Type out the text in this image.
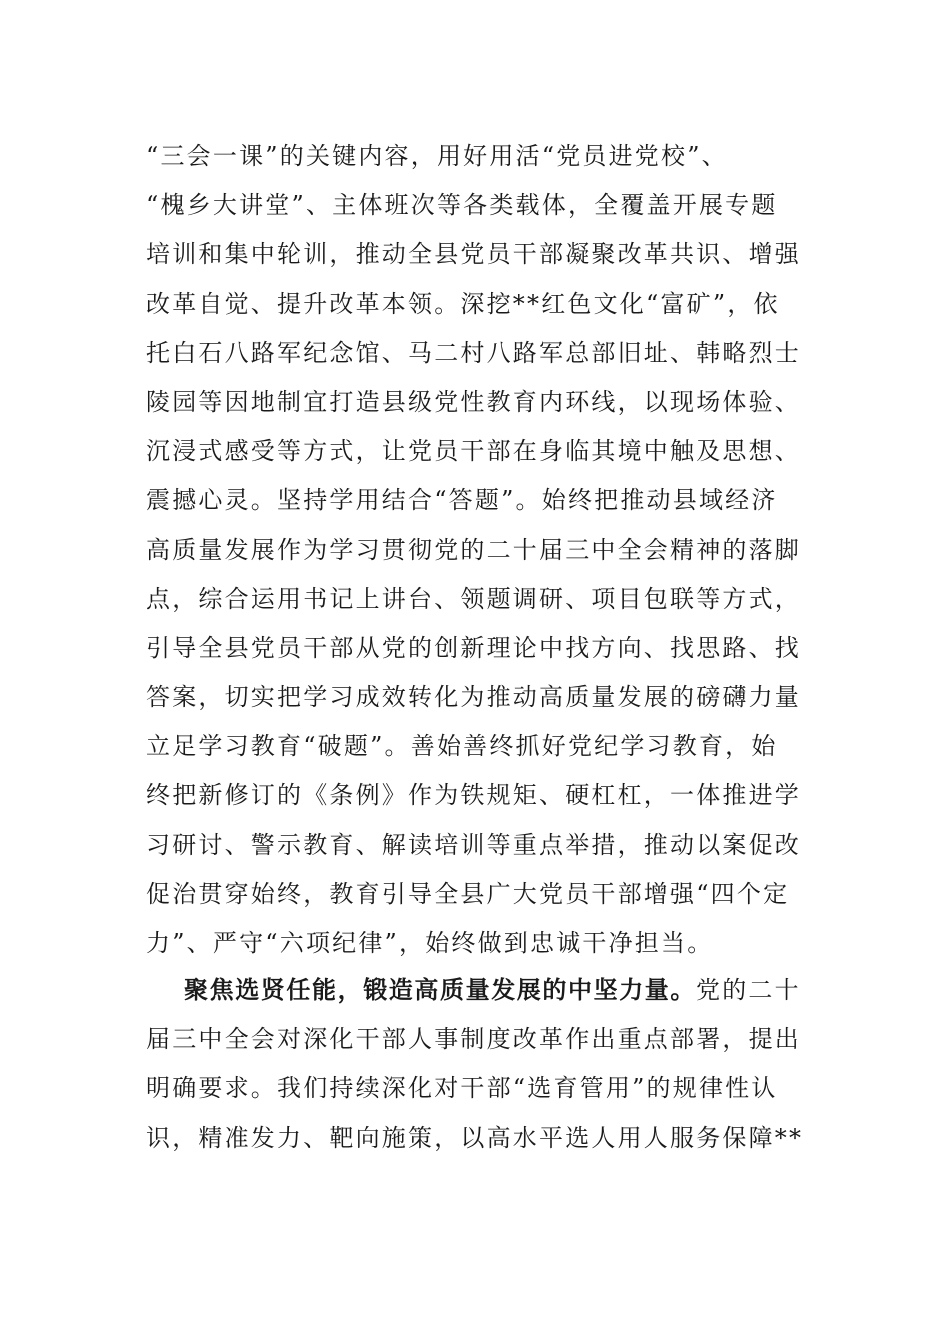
“三会一课”的关键内容，用好用活“党员进党校”、
“槐乡大讲堂”、主体班次等各类载体，全覆盖开展专题
培训和集中轮训，推动全县党员干部凝聚改革共识、增强
改革自觉、提升改革本领。深挖**红色文化“富矿”，依
托白石八路军纪念馆、马二村八路军总部旧址、韩略烈士
陵园等因地制宜打造县级党性教育内环线，以现场体验、
沉浸式感受等方式，让党员干部在身临其境中触及思想、
震撼心灵。坚持学用结合“答题”。始终把推动县域经济
高质量发展作为学习贯彻党的二十届三中全会精神的落脚
点，综合运用书记上讲台、领题调研、项目包联等方式，
引导全县党员干部从党的创新理论中找方向、找思路、找
答案，切实把学习成效转化为推动高质量发展的磅礴力量
立足学习教育“破题”。善始善终抓好党纪学习教育，始
终把新修订的《条例》作为铁规矩、硬杠杠，一体推进学
习研讨、警示教育、解读培训等重点举措，推动以案促改
促治贯穿始终，教育引导全县广大党员干部增强“四个定
力”、严守“六项纪律”，始终做到忠诚干净担当。
聚焦选贤任能，锻造高质量发展的中坚力量。党的二十
届三中全会对深化干部人事制度改革作出重点部署，提出
明确要求。我们持续深化对干部“选育管用”的规律性认
识，精准发力、靶向施策，以高水平选人用人服务保障**
